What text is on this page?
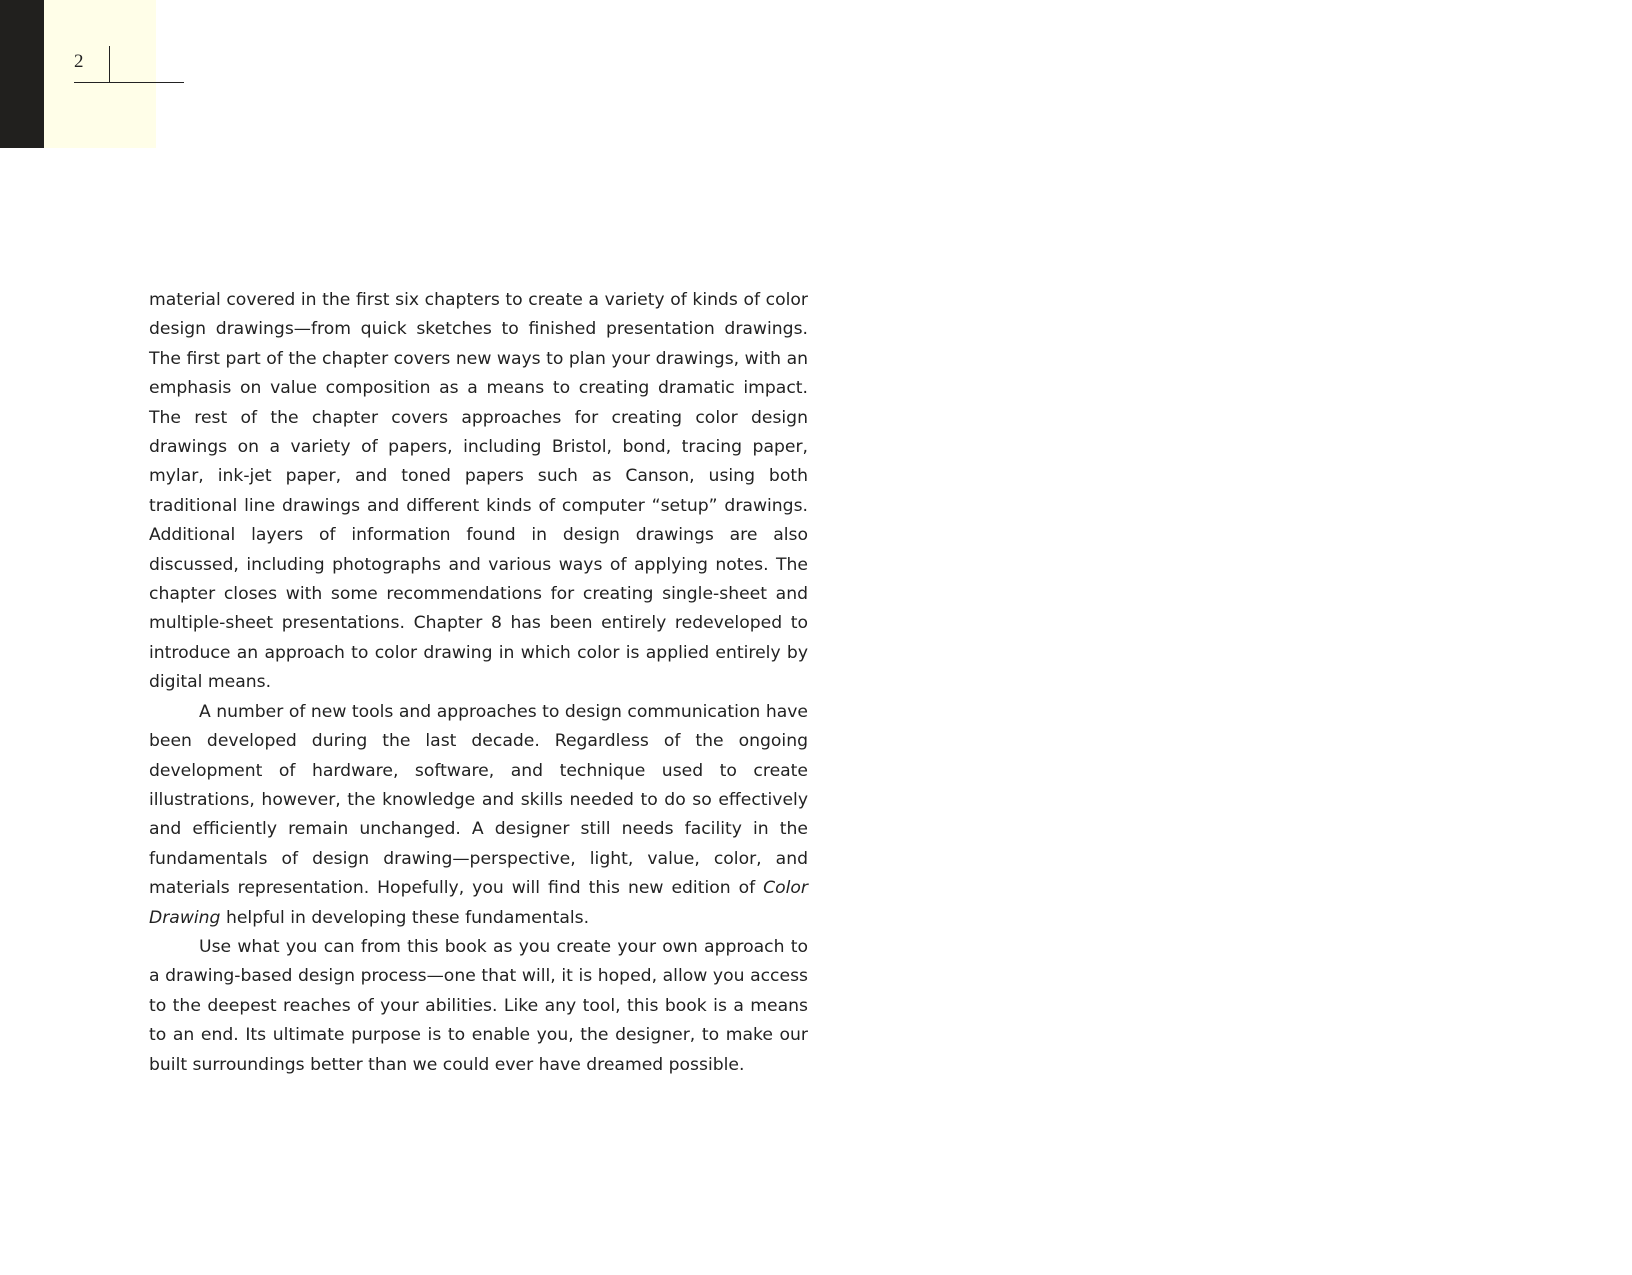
2

material covered in the first six chapters to create a variety of kinds of color design drawings—from quick sketches to finished presentation drawings. The first part of the chapter covers new ways to plan your drawings, with an emphasis on value composition as a means to creating dramatic impact. The rest of the chapter covers approaches for creating color design drawings on a variety of papers, including Bristol, bond, tracing paper, mylar, ink-jet paper, and toned papers such as Canson, using both traditional line drawings and different kinds of computer “setup” drawings. Additional layers of information found in design drawings are also discussed, including photographs and various ways of applying notes. The chapter closes with some recommendations for creating single-sheet and multiple-sheet presentations. Chapter 8 has been entirely redeveloped to introduce an approach to color drawing in which color is applied entirely by digital means.

A number of new tools and approaches to design communication have been developed during the last decade. Regardless of the ongoing development of hardware, software, and technique used to create illustrations, however, the knowledge and skills needed to do so effectively and efficiently remain unchanged. A designer still needs facility in the fundamentals of design drawing—perspective, light, value, color, and materials representation. Hopefully, you will find this new edition of Color Drawing helpful in developing these fundamentals.

Use what you can from this book as you create your own approach to a drawing-based design process—one that will, it is hoped, allow you access to the deepest reaches of your abilities. Like any tool, this book is a means to an end. Its ultimate purpose is to enable you, the designer, to make our built surroundings better than we could ever have dreamed possible.
